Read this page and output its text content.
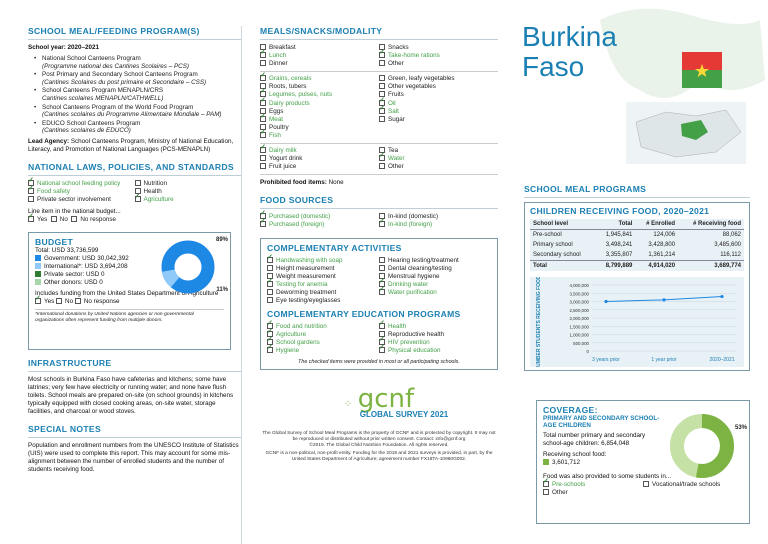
SCHOOL MEAL/FEEDING PROGRAM(S)
School year: 2020–2021
• National School Canteens Program
(Programme national des Cantines Scolaires – PCS)
• Post Primary and Secondary School Canteens Program
(Cantines Scolaires du post primaire et Secondaire – CSS)
• School Canteens Program MENAPLN/CRS
Cantines scolaires MENAPLN/CATHWELL)
• School Canteens Program of the World Food Program
(Cantines scolaires du Programme Alimentaire Mondiale – PAM)
• EDUCO School Canteens Program
(Cantines scolaires de EDUCO)
Lead Agency: School Canteens Program, Ministry of National Education, Literacy, and Promotion of National Languages (PCS-MENAPLN)
NATIONAL LAWS, POLICIES, AND STANDARDS
✓National school feeding policy	Nutrition
✓Food safety	Health
Private sector involvement ✓	Agriculture
Line item in the national budget...
✓Yes No No response
BUDGET
Total: USD 33,736,599
Government: USD 30,042,392
International*: USD 3,694,208
Private sector: USD 0
Other donors: USD 0
89%
11%
Includes funding from the United States Department of Agriculture  ✓Yes No No response
*International donations by United Nations agencies or non-governmental organizations often represent funding from multiple donors.
INFRASTRUCTURE
Most schools in Burkina Faso have cafeterias and kitchens; some have latrines; very few have electricity or running water; and none have flush toilets. School meals are prepared on-site (on school grounds) in kitchens typically equipped with closed cooking areas, on-site water, storage facilities, and charcoal or wood stoves.
SPECIAL NOTES
Population and enrollment numbers from the UNESCO Institute of Statistics (UIS) were used to complete this report. This may account for some mis-alignment between the number of enrolled students and the number of students receiving food.
MEALS/SNACKS/MODALITY
Breakfast	Snacks
✓Lunch ✓	Take-home rations
Dinner	Other
✓Grains, cereals	Green, leafy vegetables
Roots, tubers	Other vegetables
✓Legumes, pulses, nuts	Fruits
✓Dairy products ✓	Oil
Eggs ✓	Salt
✓Meat	Sugar
Poultry
✓Fish
✓Dairy milk	Tea
Yogurt drink ✓	Water
Fruit juice	Other
Prohibited food items: None
FOOD SOURCES
✓Purchased (domestic)	In-kind (domestic)
✓Purchased (foreign) ✓	In-kind (foreign)
COMPLEMENTARY ACTIVITIES
✓Handwashing with soap	Hearing testing/treatment
Height measurement	Dental cleaning/testing
Weight measurement	Menstrual hygiene
✓Testing for anemia ✓	Drinking water
Deworming treatment ✓	Water purification
Eye testing/eyeglasses
COMPLEMENTARY EDUCATION PROGRAMS
✓Food and nutrition ✓	Health
✓Agriculture	Reproductive health
✓School gardens ✓	HIV prevention
✓Hygiene ✓	Physical education
The checked items were provided in most or all participating schools.
⁘ gcnf
GLOBAL SURVEY 2021
The Global Survey of School Meal Programs is the property of GCNF and is protected by copyright. It may not be reproduced or distributed without prior written consent. Contact: info@gcnf.org
©2019. The Global Child Nutrition Foundation. All rights reserved.
GCNF is a non-political, non-profit entity. Funding for the 2019 and 2021 surveys is provided, in part, by the United States Department of Agriculture; agreement number FX18TA-10960G002.
Burkina
Faso
SCHOOL MEAL PROGRAMS
CHILDREN RECEIVING FOOD, 2020–2021
School level	Total	# Enrolled	# Receiving food
Pre-school	1,945,841	124,006	88,062
Primary school	3,498,241	3,428,800	3,485,600
Secondary school	3,355,807	1,361,214	116,112
Total	8,799,889	4,914,020	3,689,774
4,000,000
3,500,000
3,000,000
2,500,000
2,000,000
1,500,000
1,000,000
500,000
0
NUMBER STUDENTS RECEIVING FOOD	3 years prior	1 year prior	2020–2021
COVERAGE:
PRIMARY AND SECONDARY SCHOOL-AGE CHILDREN
Total number primary and secondary school-age children: 6,854,048
Receiving school food:
3,601,712
53%
Food was also provided to some students in...
✓Pre-schools	Vocational/trade schools
Other
